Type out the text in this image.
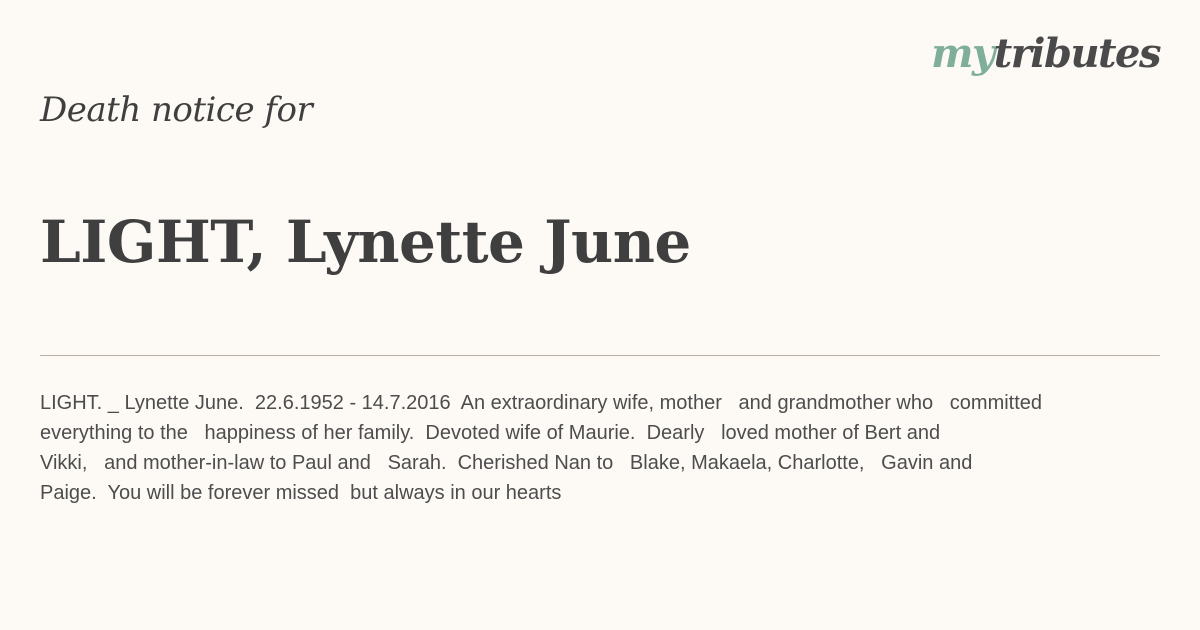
mytributes
Death notice for
LIGHT, Lynette June

LIGHT. _ Lynette June.  22.6.1952 - 14.7.2016  An extraordinary wife, mother   and grandmother who   committed
everything to the   happiness of her family.  Devoted wife of Maurie.  Dearly   loved mother of Bert and
Vikki,   and mother-in-law to Paul and   Sarah.  Cherished Nan to   Blake, Makaela, Charlotte,   Gavin and
Paige.  You will be forever missed  but always in our hearts
